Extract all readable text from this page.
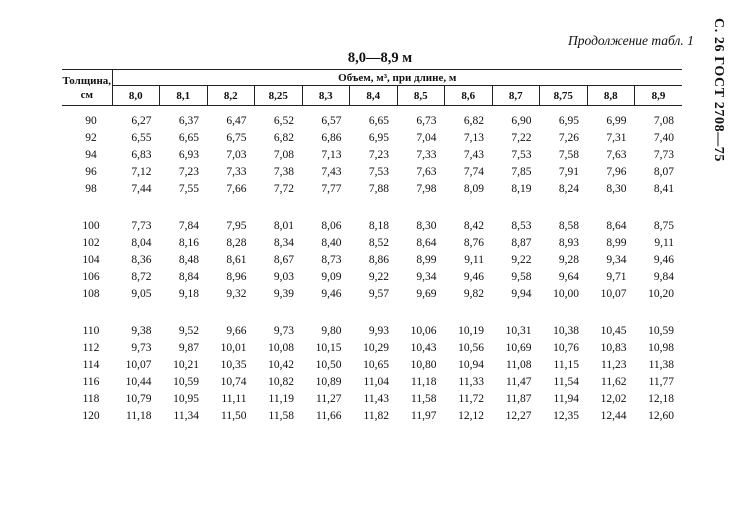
Продолжение табл. 1	С. 26 ГОСТ 2708—75
8,0—8,9 м
Толщина, см	Объем, м³, при длине, м											
	8,0	8,1	8,2	8,25	8,3	8,4	8,5	8,6	8,7	8,75	8,8	8,9
90	6,27	6,37	6,47	6,52	6,57	6,65	6,73	6,82	6,90	6,95	6,99	7,08
92	6,55	6,65	6,75	6,82	6,86	6,95	7,04	7,13	7,22	7,26	7,31	7,40
94	6,83	6,93	7,03	7,08	7,13	7,23	7,33	7,43	7,53	7,58	7,63	7,73
96	7,12	7,23	7,33	7,38	7,43	7,53	7,63	7,74	7,85	7,91	7,96	8,07
98	7,44	7,55	7,66	7,72	7,77	7,88	7,98	8,09	8,19	8,24	8,30	8,41

100	7,73	7,84	7,95	8,01	8,06	8,18	8,30	8,42	8,53	8,58	8,64	8,75
102	8,04	8,16	8,28	8,34	8,40	8,52	8,64	8,76	8,87	8,93	8,99	9,11
104	8,36	8,48	8,61	8,67	8,73	8,86	8,99	9,11	9,22	9,28	9,34	9,46
106	8,72	8,84	8,96	9,03	9,09	9,22	9,34	9,46	9,58	9,64	9,71	9,84
108	9,05	9,18	9,32	9,39	9,46	9,57	9,69	9,82	9,94	10,00	10,07	10,20

110	9,38	9,52	9,66	9,73	9,80	9,93	10,06	10,19	10,31	10,38	10,45	10,59
112	9,73	9,87	10,01	10,08	10,15	10,29	10,43	10,56	10,69	10,76	10,83	10,98
114	10,07	10,21	10,35	10,42	10,50	10,65	10,80	10,94	11,08	11,15	11,23	11,38
116	10,44	10,59	10,74	10,82	10,89	11,04	11,18	11,33	11,47	11,54	11,62	11,77
118	10,79	10,95	11,11	11,19	11,27	11,43	11,58	11,72	11,87	11,94	12,02	12,18
120	11,18	11,34	11,50	11,58	11,66	11,82	11,97	12,12	12,27	12,35	12,44	12,60
